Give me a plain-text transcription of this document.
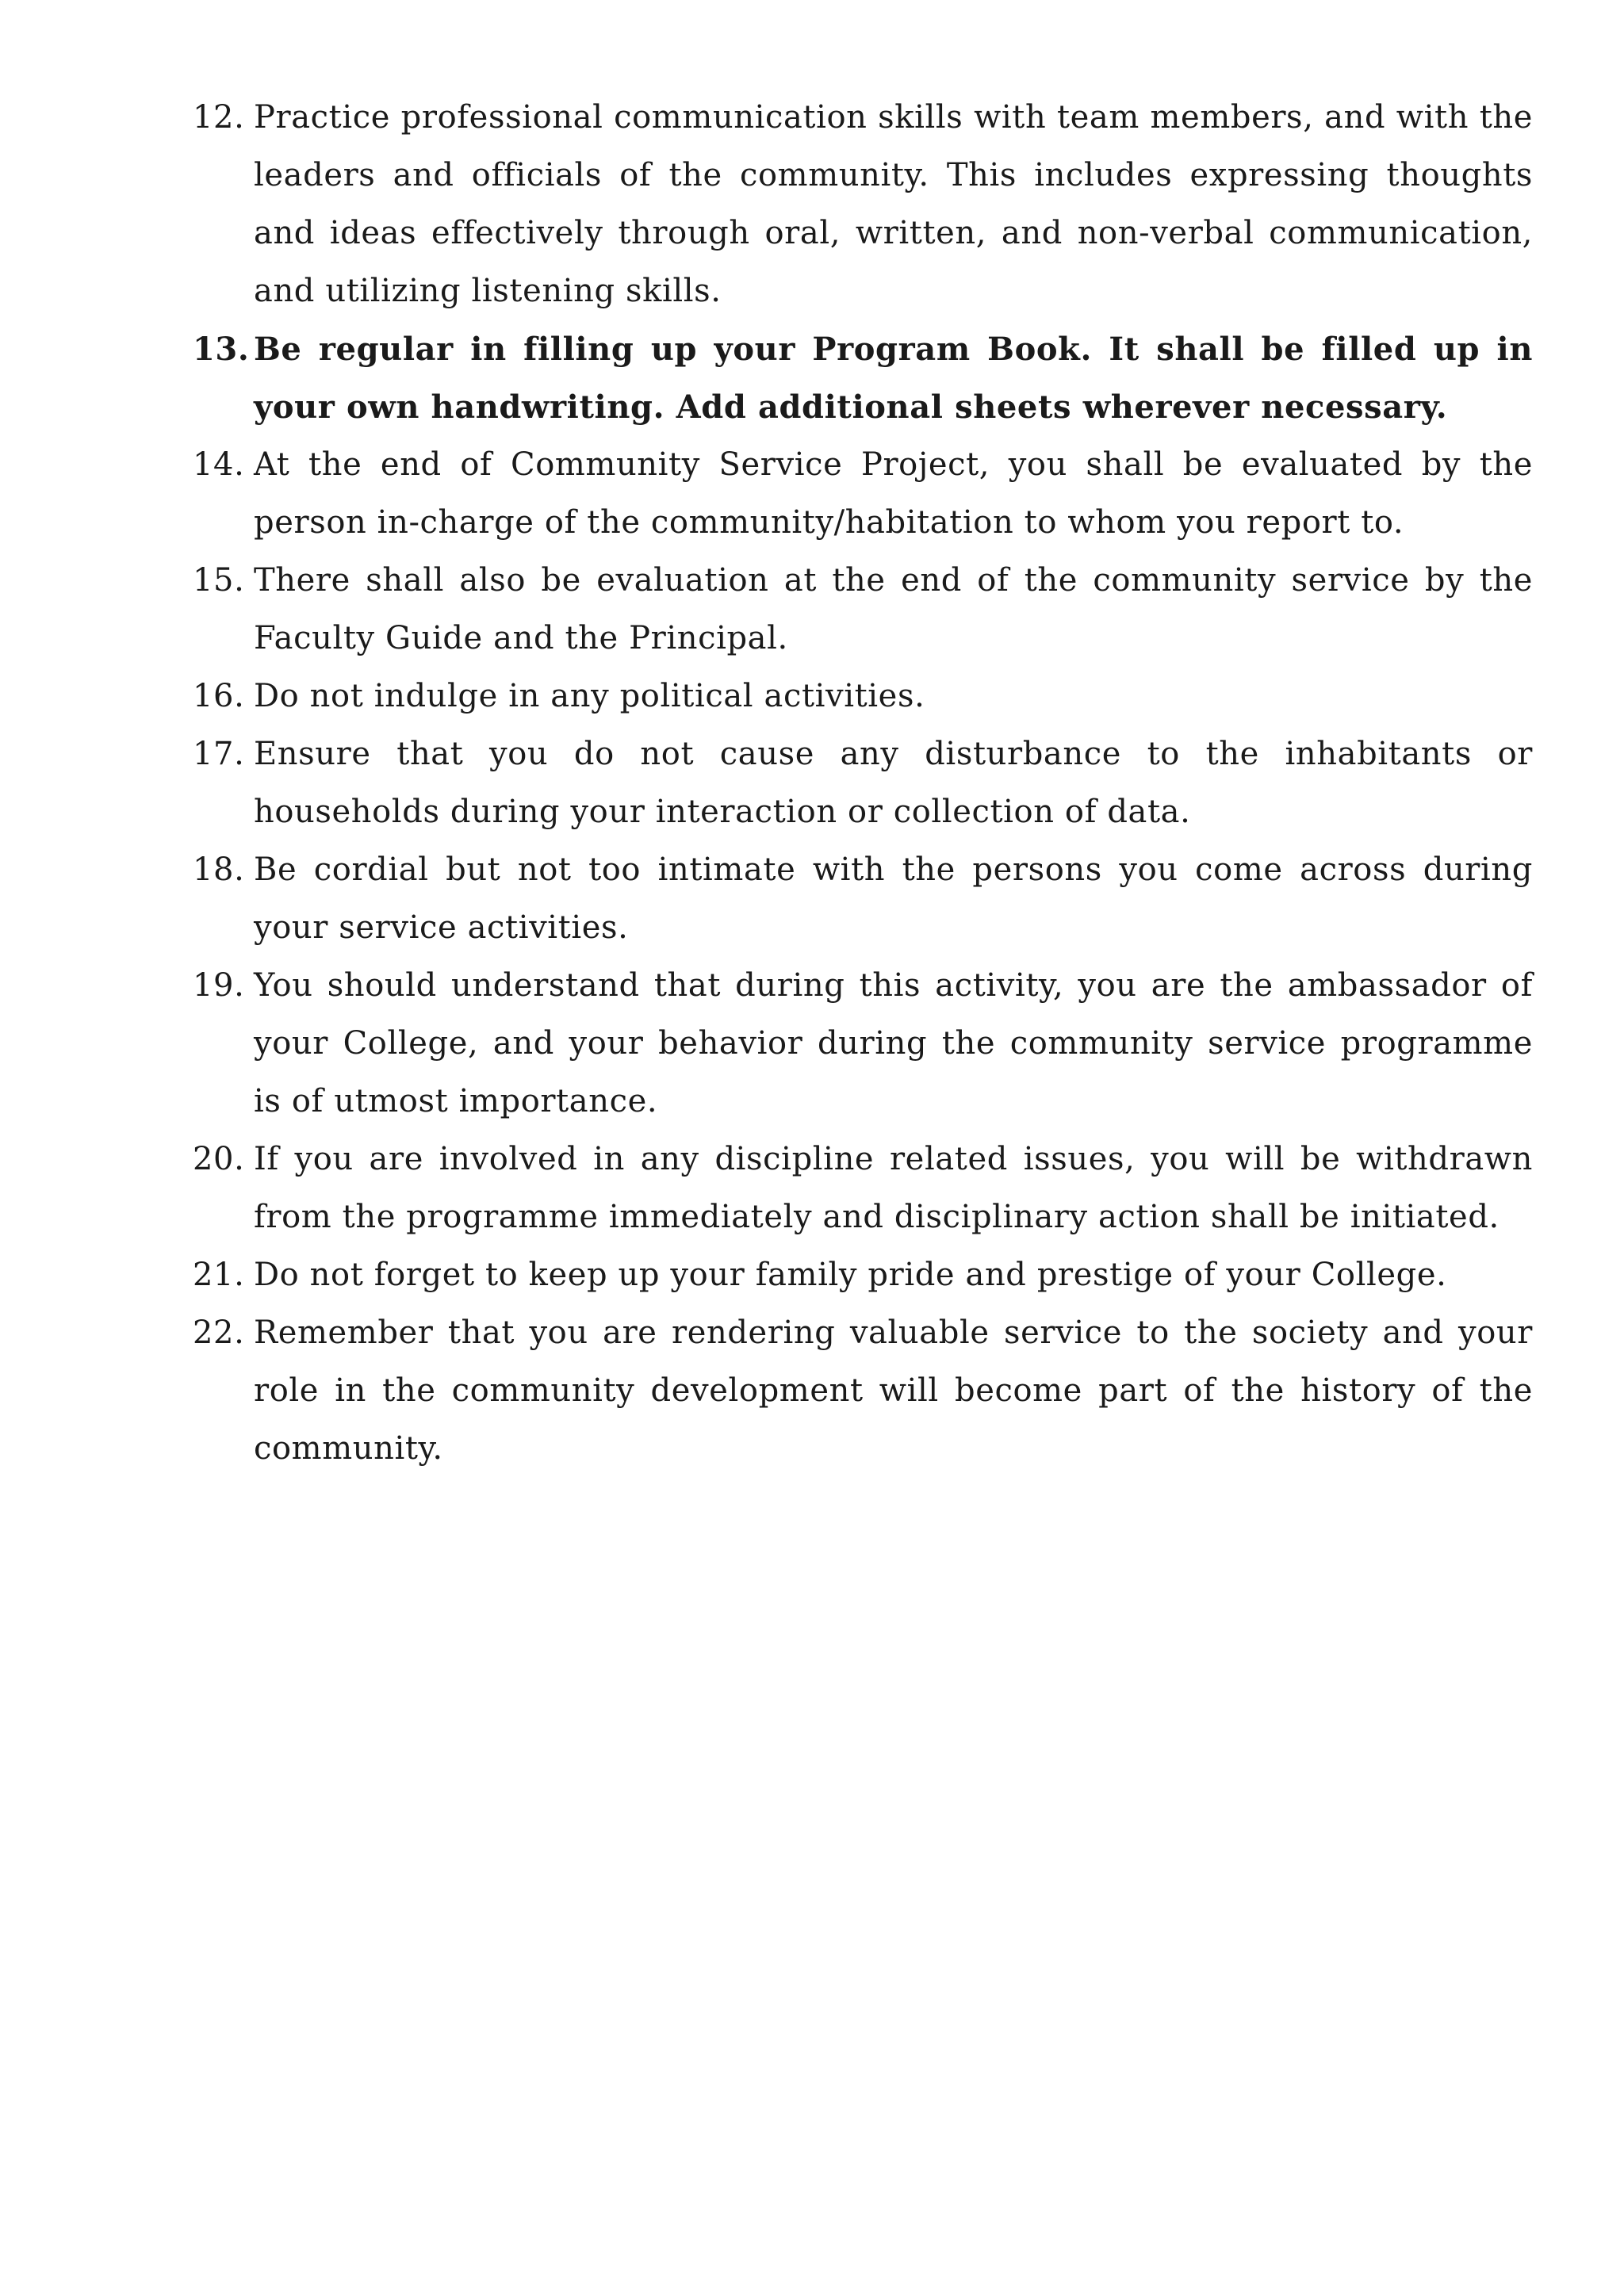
12. Practice professional communication skills with team members, and with the leaders and officials of the community. This includes expressing thoughts and ideas effectively through oral, written, and non-verbal communication, and utilizing listening skills.
13. Be regular in filling up your Program Book. It shall be filled up in your own handwriting. Add additional sheets wherever necessary.
14. At the end of Community Service Project, you shall be evaluated by the person in-charge of the community/habitation to whom you report to.
15. There shall also be evaluation at the end of the community service by the Faculty Guide and the Principal.
16. Do not indulge in any political activities.
17. Ensure that you do not cause any disturbance to the inhabitants or households during your interaction or collection of data.
18. Be cordial but not too intimate with the persons you come across during your service activities.
19. You should understand that during this activity, you are the ambassador of your College, and your behavior during the community service programme is of utmost importance.
20. If you are involved in any discipline related issues, you will be withdrawn from the programme immediately and disciplinary action shall be initiated.
21. Do not forget to keep up your family pride and prestige of your College.
22. Remember that you are rendering valuable service to the society and your role in the community development will become part of the history of the community.
